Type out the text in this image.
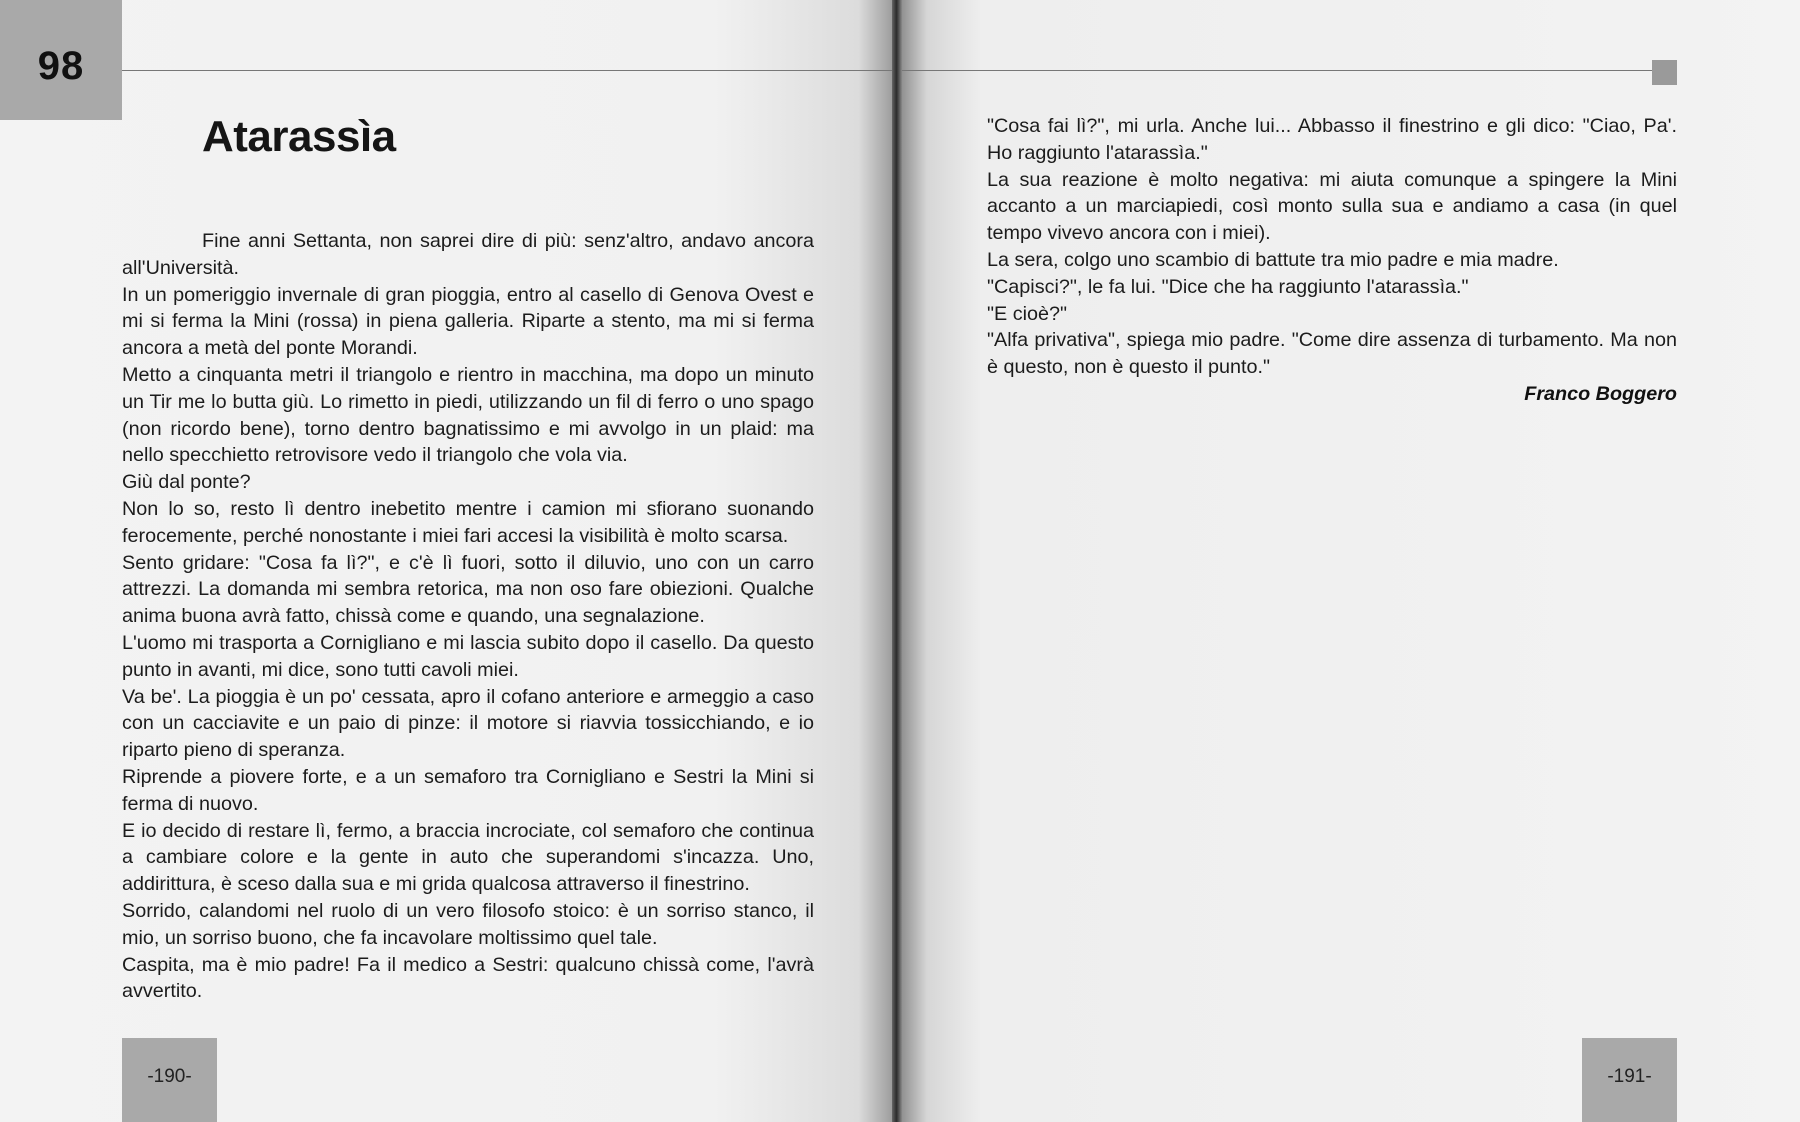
98
Atarassìa

Fine anni Settanta, non saprei dire di più: senz'altro, andavo ancora all'Università.

In un pomeriggio invernale di gran pioggia, entro al casello di Genova Ovest e mi si ferma la Mini (rossa) in piena galleria. Riparte a stento, ma mi si ferma ancora a metà del ponte Morandi.

Metto a cinquanta metri il triangolo e rientro in macchina, ma dopo un minuto un Tir me lo butta giù. Lo rimetto in piedi, utilizzando un fil di ferro o uno spago (non ricordo bene), torno dentro bagnatissimo e mi avvolgo in un plaid: ma nello specchietto retrovisore vedo il triangolo che vola via.

Giù dal ponte?

Non lo so, resto lì dentro inebetito mentre i camion mi sfiorano suonando ferocemente, perché nonostante i miei fari accesi la visibilità è molto scarsa.

Sento gridare: "Cosa fa lì?", e c'è lì fuori, sotto il diluvio, uno con un carro attrezzi. La domanda mi sembra retorica, ma non oso fare obiezioni. Qualche anima buona avrà fatto, chissà come e quando, una segnalazione.

L'uomo mi trasporta a Cornigliano e mi lascia subito dopo il casello. Da questo punto in avanti, mi dice, sono tutti cavoli miei.

Va be'. La pioggia è un po' cessata, apro il cofano anteriore e armeggio a caso con un cacciavite e un paio di pinze: il motore si riavvia tossicchiando, e io riparto pieno di speranza.

Riprende a piovere forte, e a un semaforo tra Cornigliano e Sestri la Mini si ferma di nuovo.

E io decido di restare lì, fermo, a braccia incrociate, col semaforo che continua a cambiare colore e la gente in auto che superandomi s'incazza. Uno, addirittura, è sceso dalla sua e mi grida qualcosa attraverso il finestrino.

Sorrido, calandomi nel ruolo di un vero filosofo stoico: è un sorriso stanco, il mio, un sorriso buono, che fa incavolare moltissimo quel tale.

Caspita, ma è mio padre! Fa il medico a Sestri: qualcuno chissà come, l'avrà avvertito.

-190-

"Cosa fai lì?", mi urla. Anche lui... Abbasso il finestrino e gli dico: "Ciao, Pa'. Ho raggiunto l'atarassìa."

La sua reazione è molto negativa: mi aiuta comunque a spingere la Mini accanto a un marciapiedi, così monto sulla sua e andiamo a casa (in quel tempo vivevo ancora con i miei).

La sera, colgo uno scambio di battute tra mio padre e mia madre.

"Capisci?", le fa lui. "Dice che ha raggiunto l'atarassìa."

"E cioè?"

"Alfa privativa", spiega mio padre. "Come dire assenza di turbamento. Ma non è questo, non è questo il punto."

Franco Boggero

-191-
